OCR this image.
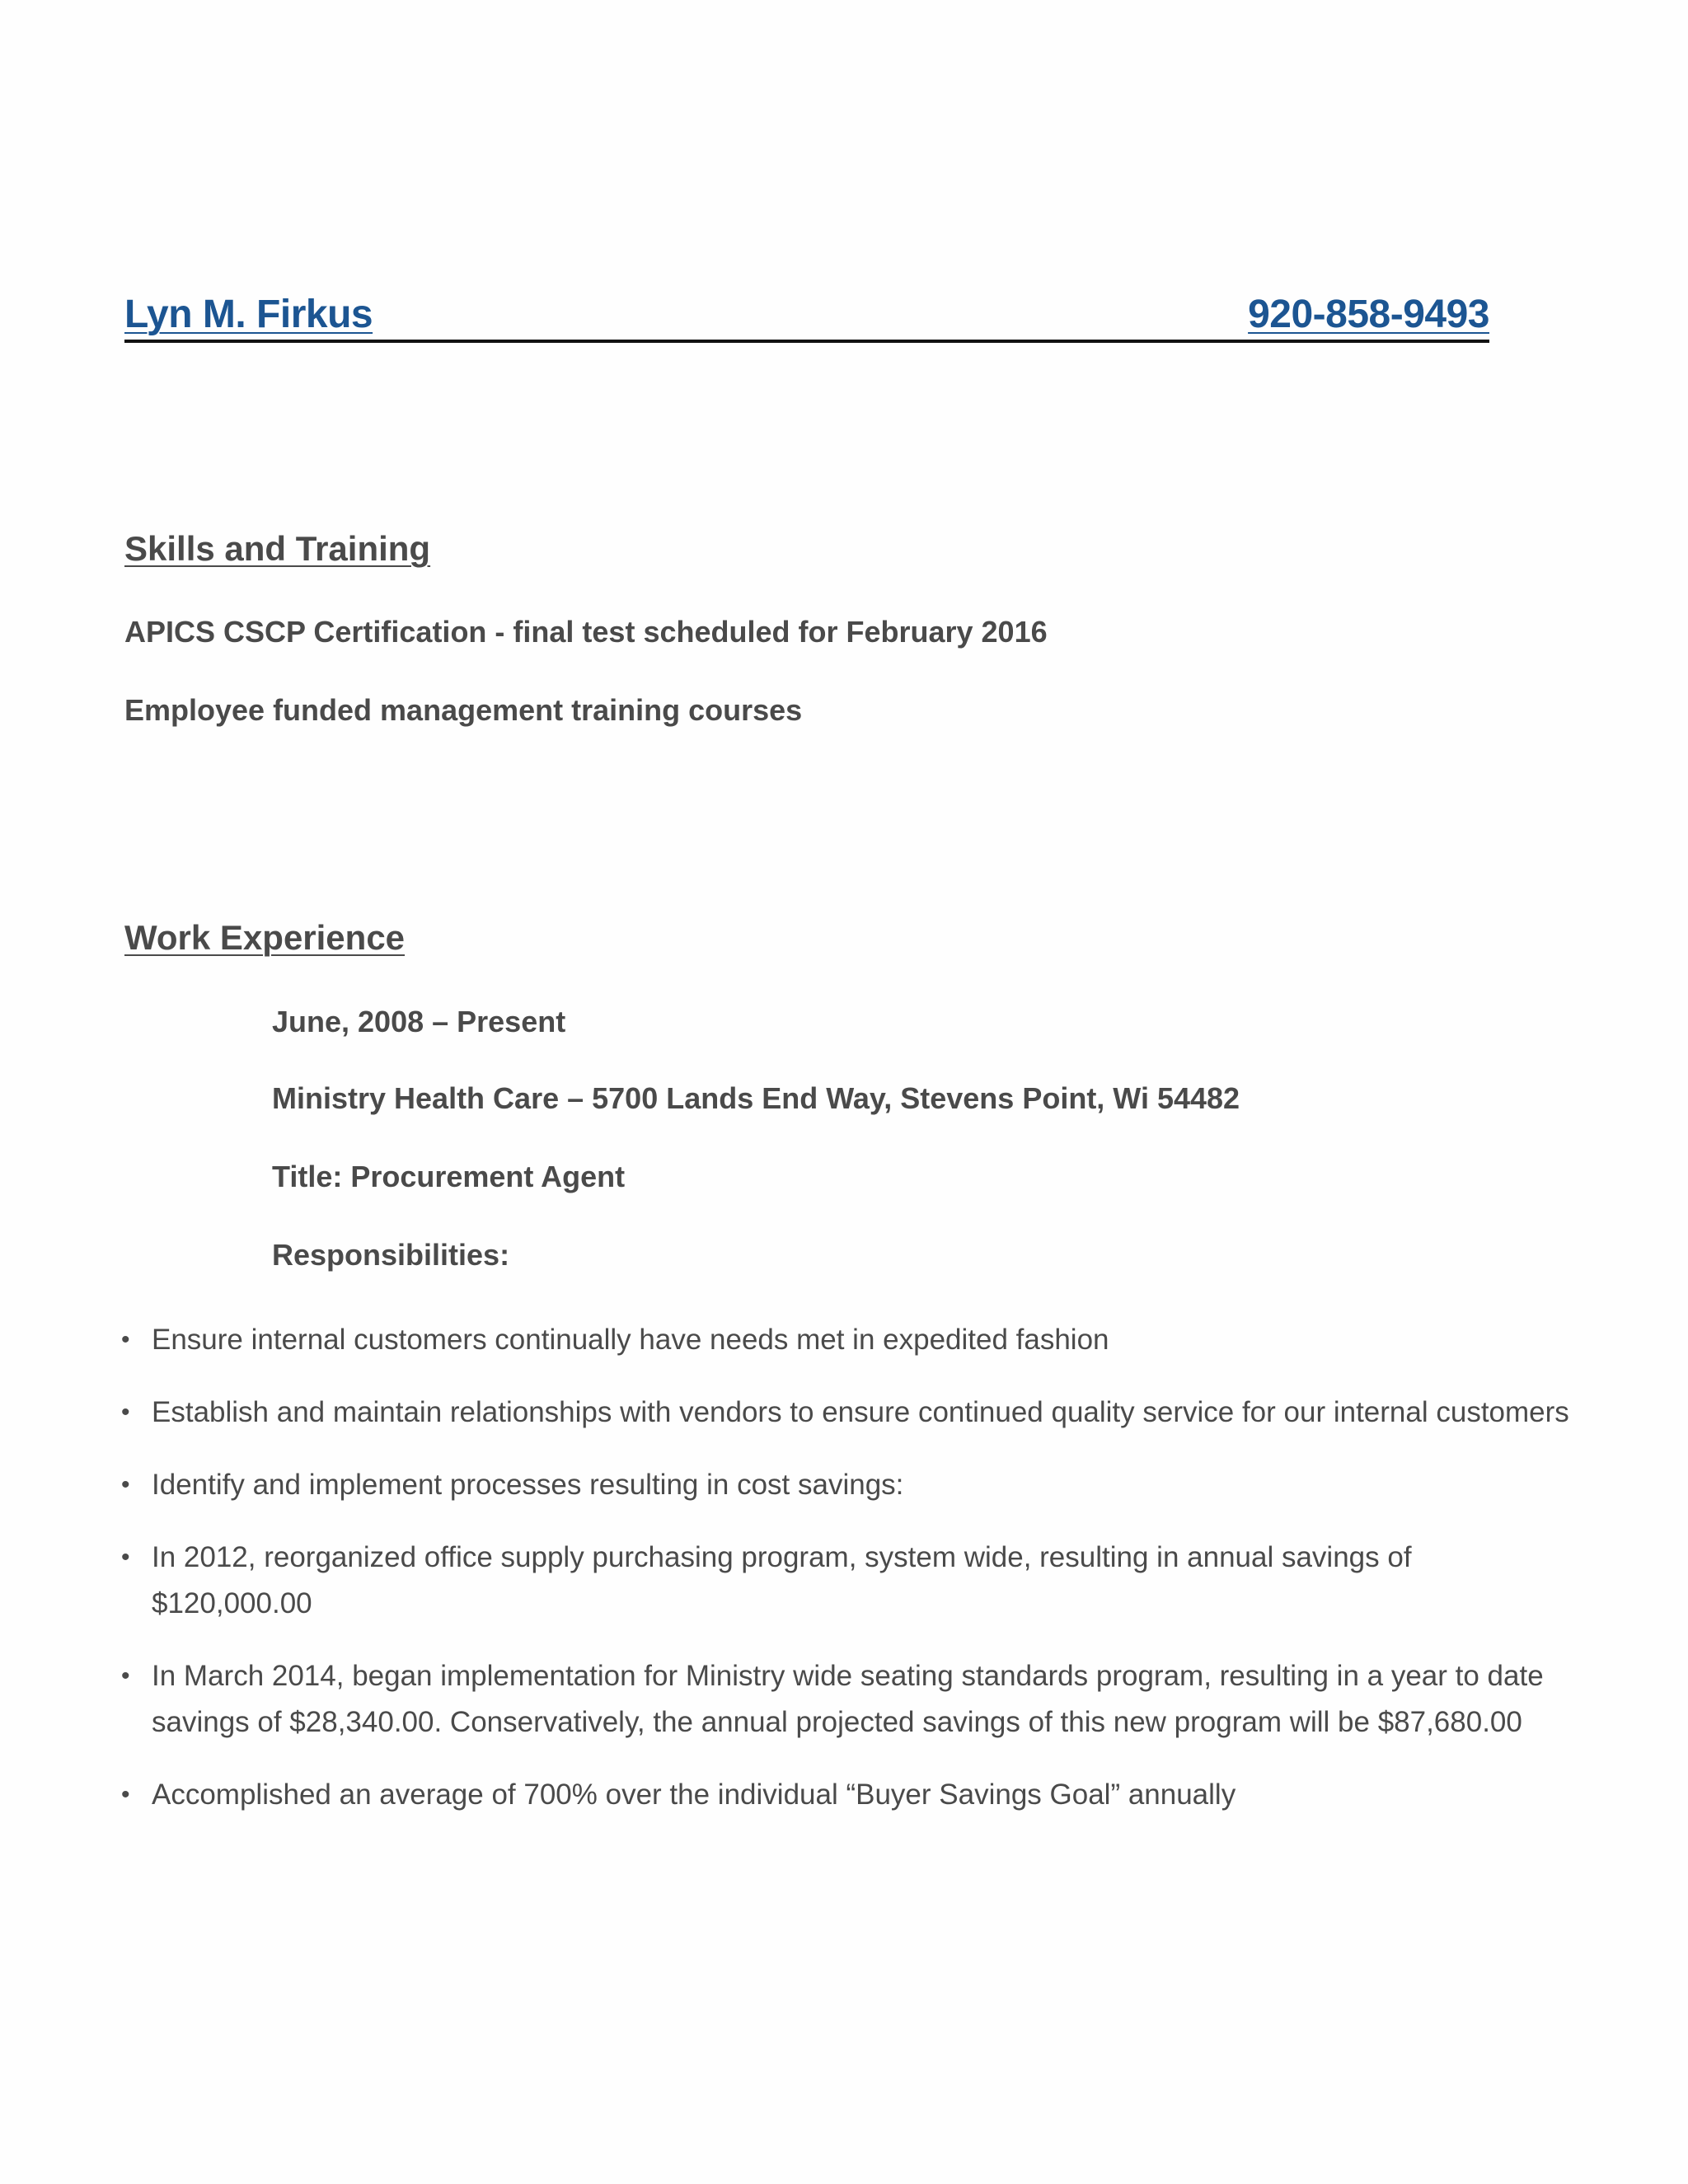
Lyn M. Firkus	920-858-9493
Skills and Training

APICS CSCP Certification - final test scheduled for February 2016

Employee funded management training courses

Work Experience

June, 2008 – Present

Ministry Health Care – 5700 Lands End Way, Stevens Point, Wi 54482

Title: Procurement Agent

Responsibilities:

• Ensure internal customers continually have needs met in expedited fashion
• Establish and maintain relationships with vendors to ensure continued quality service for our internal customers
• Identify and implement processes resulting in cost savings:
• In 2012, reorganized office supply purchasing program, system wide, resulting in annual savings of $120,000.00
• In March 2014, began implementation for Ministry wide seating standards program, resulting in a year to date savings of $28,340.00. Conservatively, the annual projected savings of this new program will be $87,680.00
• Accomplished an average of 700% over the individual “Buyer Savings Goal” annually
